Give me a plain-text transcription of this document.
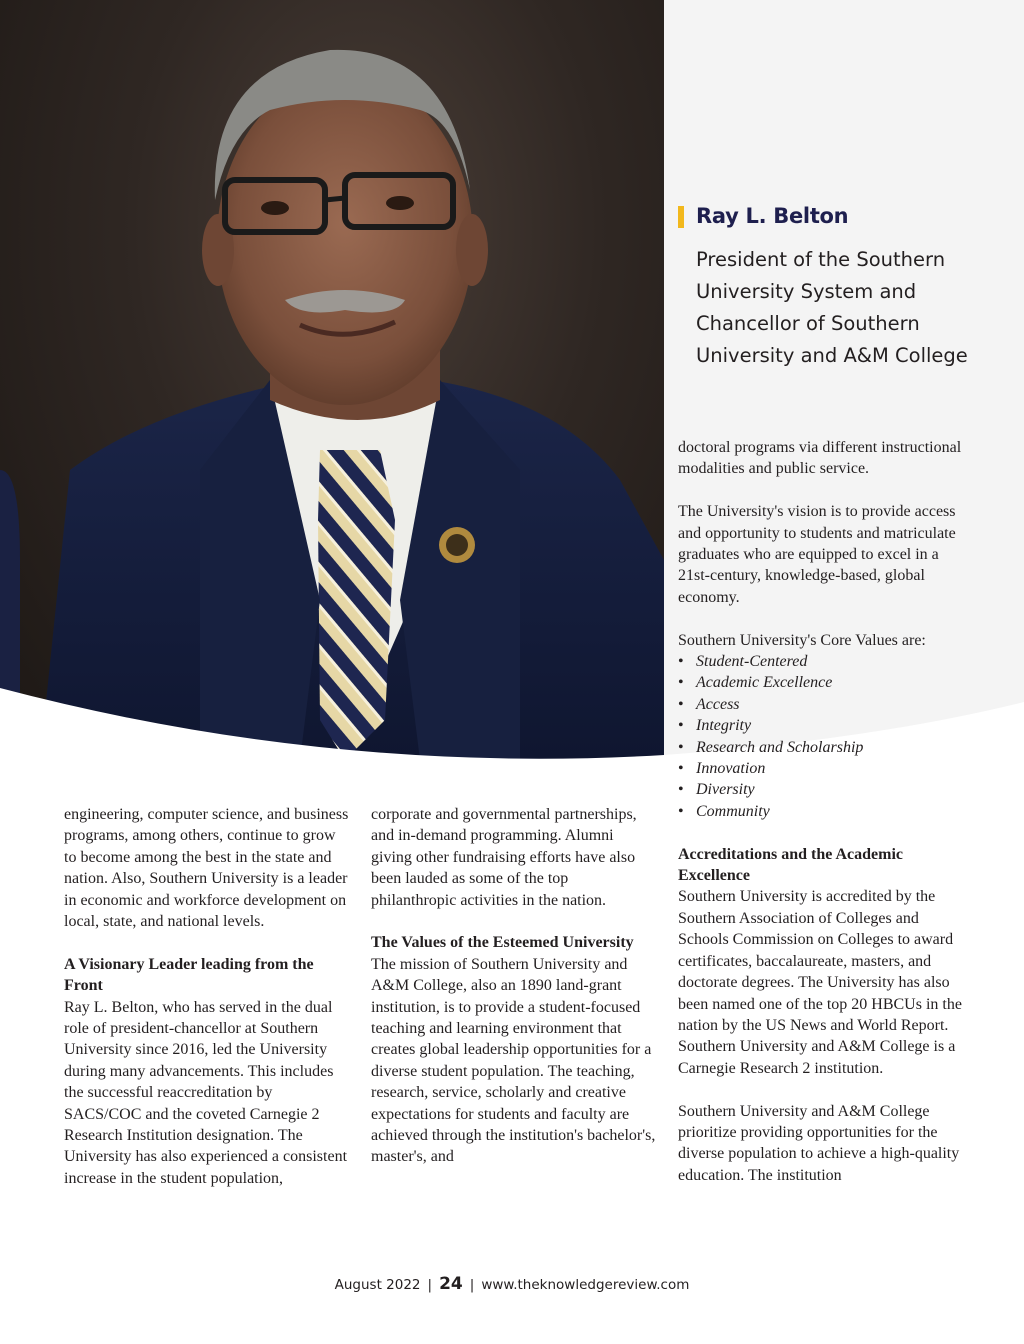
Ray L. Belton
President of the Southern University System and Chancellor of Southern University and A&M College

doctoral programs via different instructional modalities and public service.

The University's vision is to provide access and opportunity to students and matriculate graduates who are equipped to excel in a 21st-century, knowledge-based, global economy.

Southern University's Core Values are:
• Student-Centered
• Academic Excellence
• Access
• Integrity
• Research and Scholarship
• Innovation
• Diversity
• Community
Accreditations and the Academic Excellence

Southern University is accredited by the Southern Association of Colleges and Schools Commission on Colleges to award certificates, baccalaureate, masters, and doctorate degrees. The University has also been named one of the top 20 HBCUs in the nation by the US News and World Report. Southern University and A&M College is a Carnegie Research 2 institution.

Southern University and A&M College prioritize providing opportunities for the diverse population to achieve a high-quality education. The institution

engineering, computer science, and business programs, among others, continue to grow to become among the best in the state and nation. Also, Southern University is a leader in economic and workforce development on local, state, and national levels.

A Visionary Leader leading from the Front

Ray L. Belton, who has served in the dual role of president-chancellor at Southern University since 2016, led the University during many advancements. This includes the successful reaccreditation by SACS/COC and the coveted Carnegie 2 Research Institution designation. The University has also experienced a consistent increase in the student population,

corporate and governmental partnerships, and in-demand programming. Alumni giving other fundraising efforts have also been lauded as some of the top philanthropic activities in the nation.

The Values of the Esteemed University

The mission of Southern University and A&M College, also an 1890 land-grant institution, is to provide a student-focused teaching and learning environment that creates global leadership opportunities for a diverse student population. The teaching, research, service, scholarly and creative expectations for students and faculty are achieved through the institution's bachelor's, master's, and

August 2022 | 24 | www.theknowledgereview.com
